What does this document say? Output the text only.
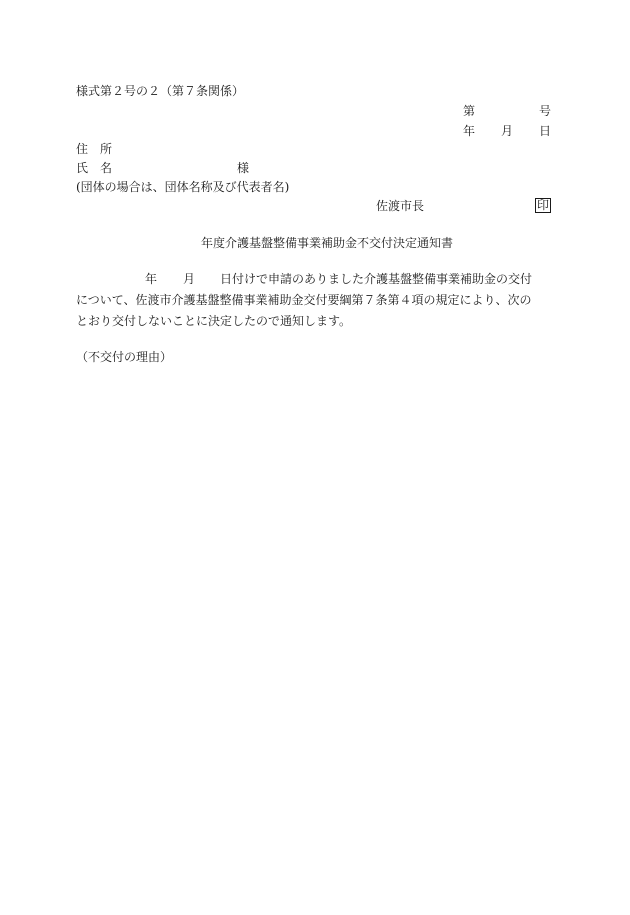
様式第２号の２（第７条関係）
第	号
年 月 日
住　所
氏　名	様
(団体の場合は、団体名称及び代表者名)
佐渡市長	印
年度介護基盤整備事業補助金不交付決定通知書
年 月 日付けで申請のありました介護基盤整備事業補助金の交付
について、佐渡市介護基盤整備事業補助金交付要綱第７条第４項の規定により、次の
とおり交付しないことに決定したので通知します。
（不交付の理由）
